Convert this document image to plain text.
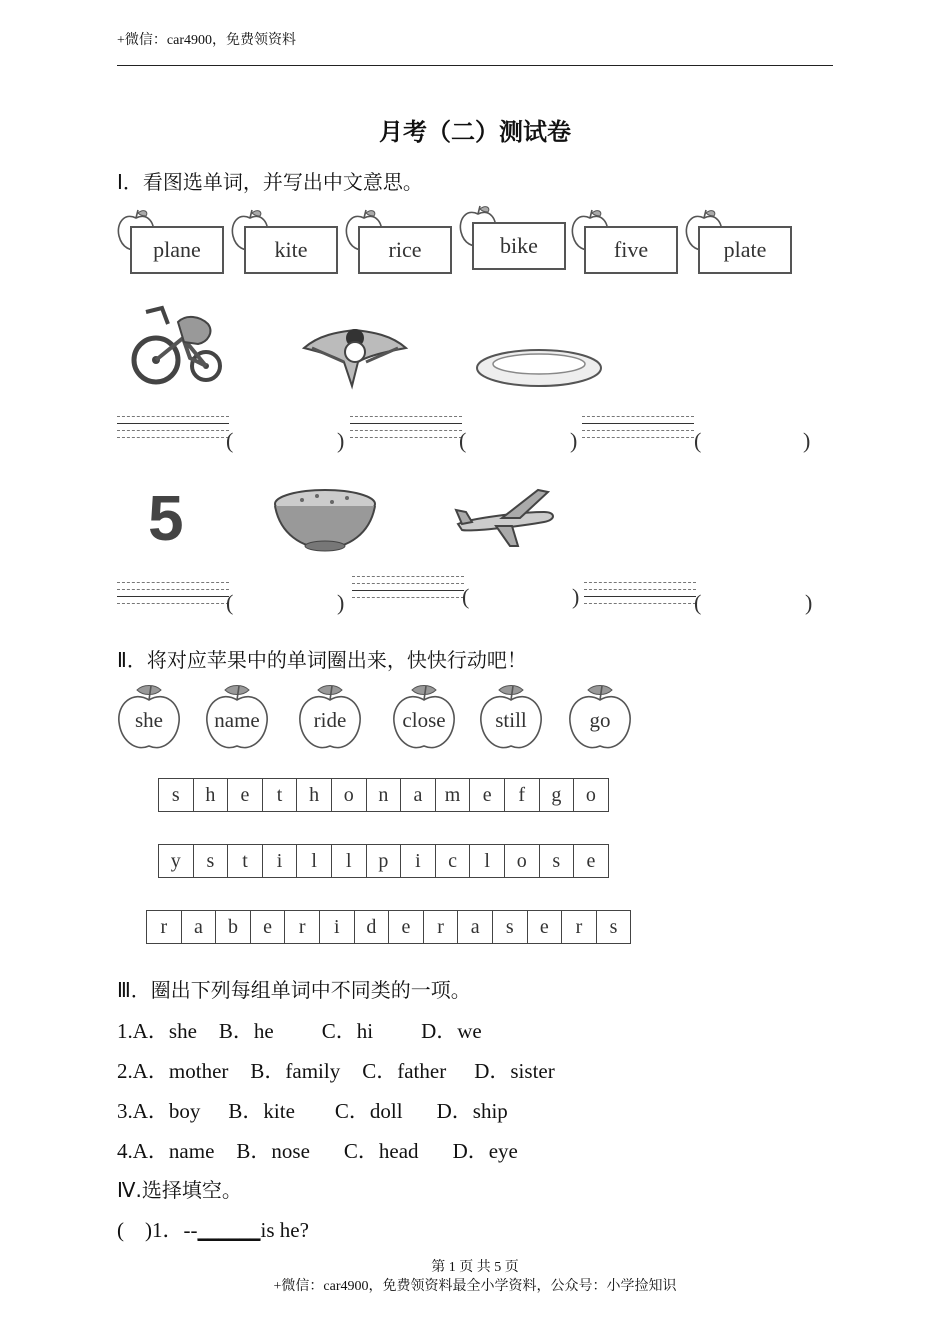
+微信：car4900，免费领资料
月考（二）测试卷
I．看图选单词，并写出中文意思。
plane	kite	rice	bike	five	plate
(	)	(	)	(	)
5
(	)	(	)	(	)
Ⅱ．将对应苹果中的单词圈出来，快快行动吧！
she	name	ride	close	still	go
s	h	e	t	h	o	n	a	m	e	f	g	o
y	s	t	i	l	l	p	i	c	l	o	s	e
r	a	b	e	r	i	d	e	r	a	s	e	r	s
Ⅲ．圈出下列每组单词中不同类的一项。
1.A．she B．he C．hi D．we
2.A．mother B．family C．father D．sister
3.A．boy B．kite C．doll D．ship
4.A．name B．nose C．head D．eye
Ⅳ.选择填空。
(　)1．--______is he?
第 1 页 共 5 页
+微信：car4900，免费领资料最全小学资料，公众号：小学捡知识
